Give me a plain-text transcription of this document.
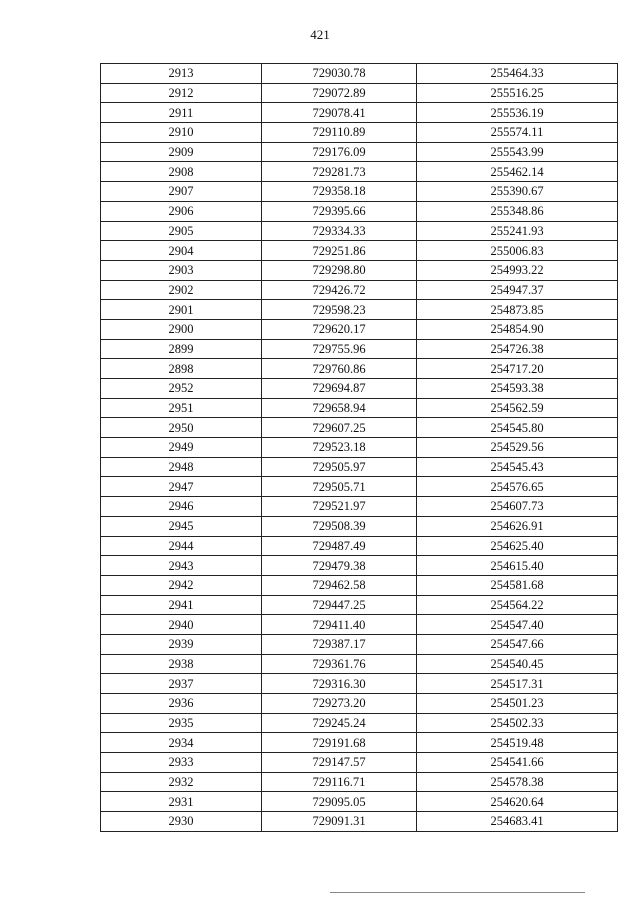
421
2913	729030.78	255464.33
2912	729072.89	255516.25
2911	729078.41	255536.19
2910	729110.89	255574.11
2909	729176.09	255543.99
2908	729281.73	255462.14
2907	729358.18	255390.67
2906	729395.66	255348.86
2905	729334.33	255241.93
2904	729251.86	255006.83
2903	729298.80	254993.22
2902	729426.72	254947.37
2901	729598.23	254873.85
2900	729620.17	254854.90
2899	729755.96	254726.38
2898	729760.86	254717.20
2952	729694.87	254593.38
2951	729658.94	254562.59
2950	729607.25	254545.80
2949	729523.18	254529.56
2948	729505.97	254545.43
2947	729505.71	254576.65
2946	729521.97	254607.73
2945	729508.39	254626.91
2944	729487.49	254625.40
2943	729479.38	254615.40
2942	729462.58	254581.68
2941	729447.25	254564.22
2940	729411.40	254547.40
2939	729387.17	254547.66
2938	729361.76	254540.45
2937	729316.30	254517.31
2936	729273.20	254501.23
2935	729245.24	254502.33
2934	729191.68	254519.48
2933	729147.57	254541.66
2932	729116.71	254578.38
2931	729095.05	254620.64
2930	729091.31	254683.41
